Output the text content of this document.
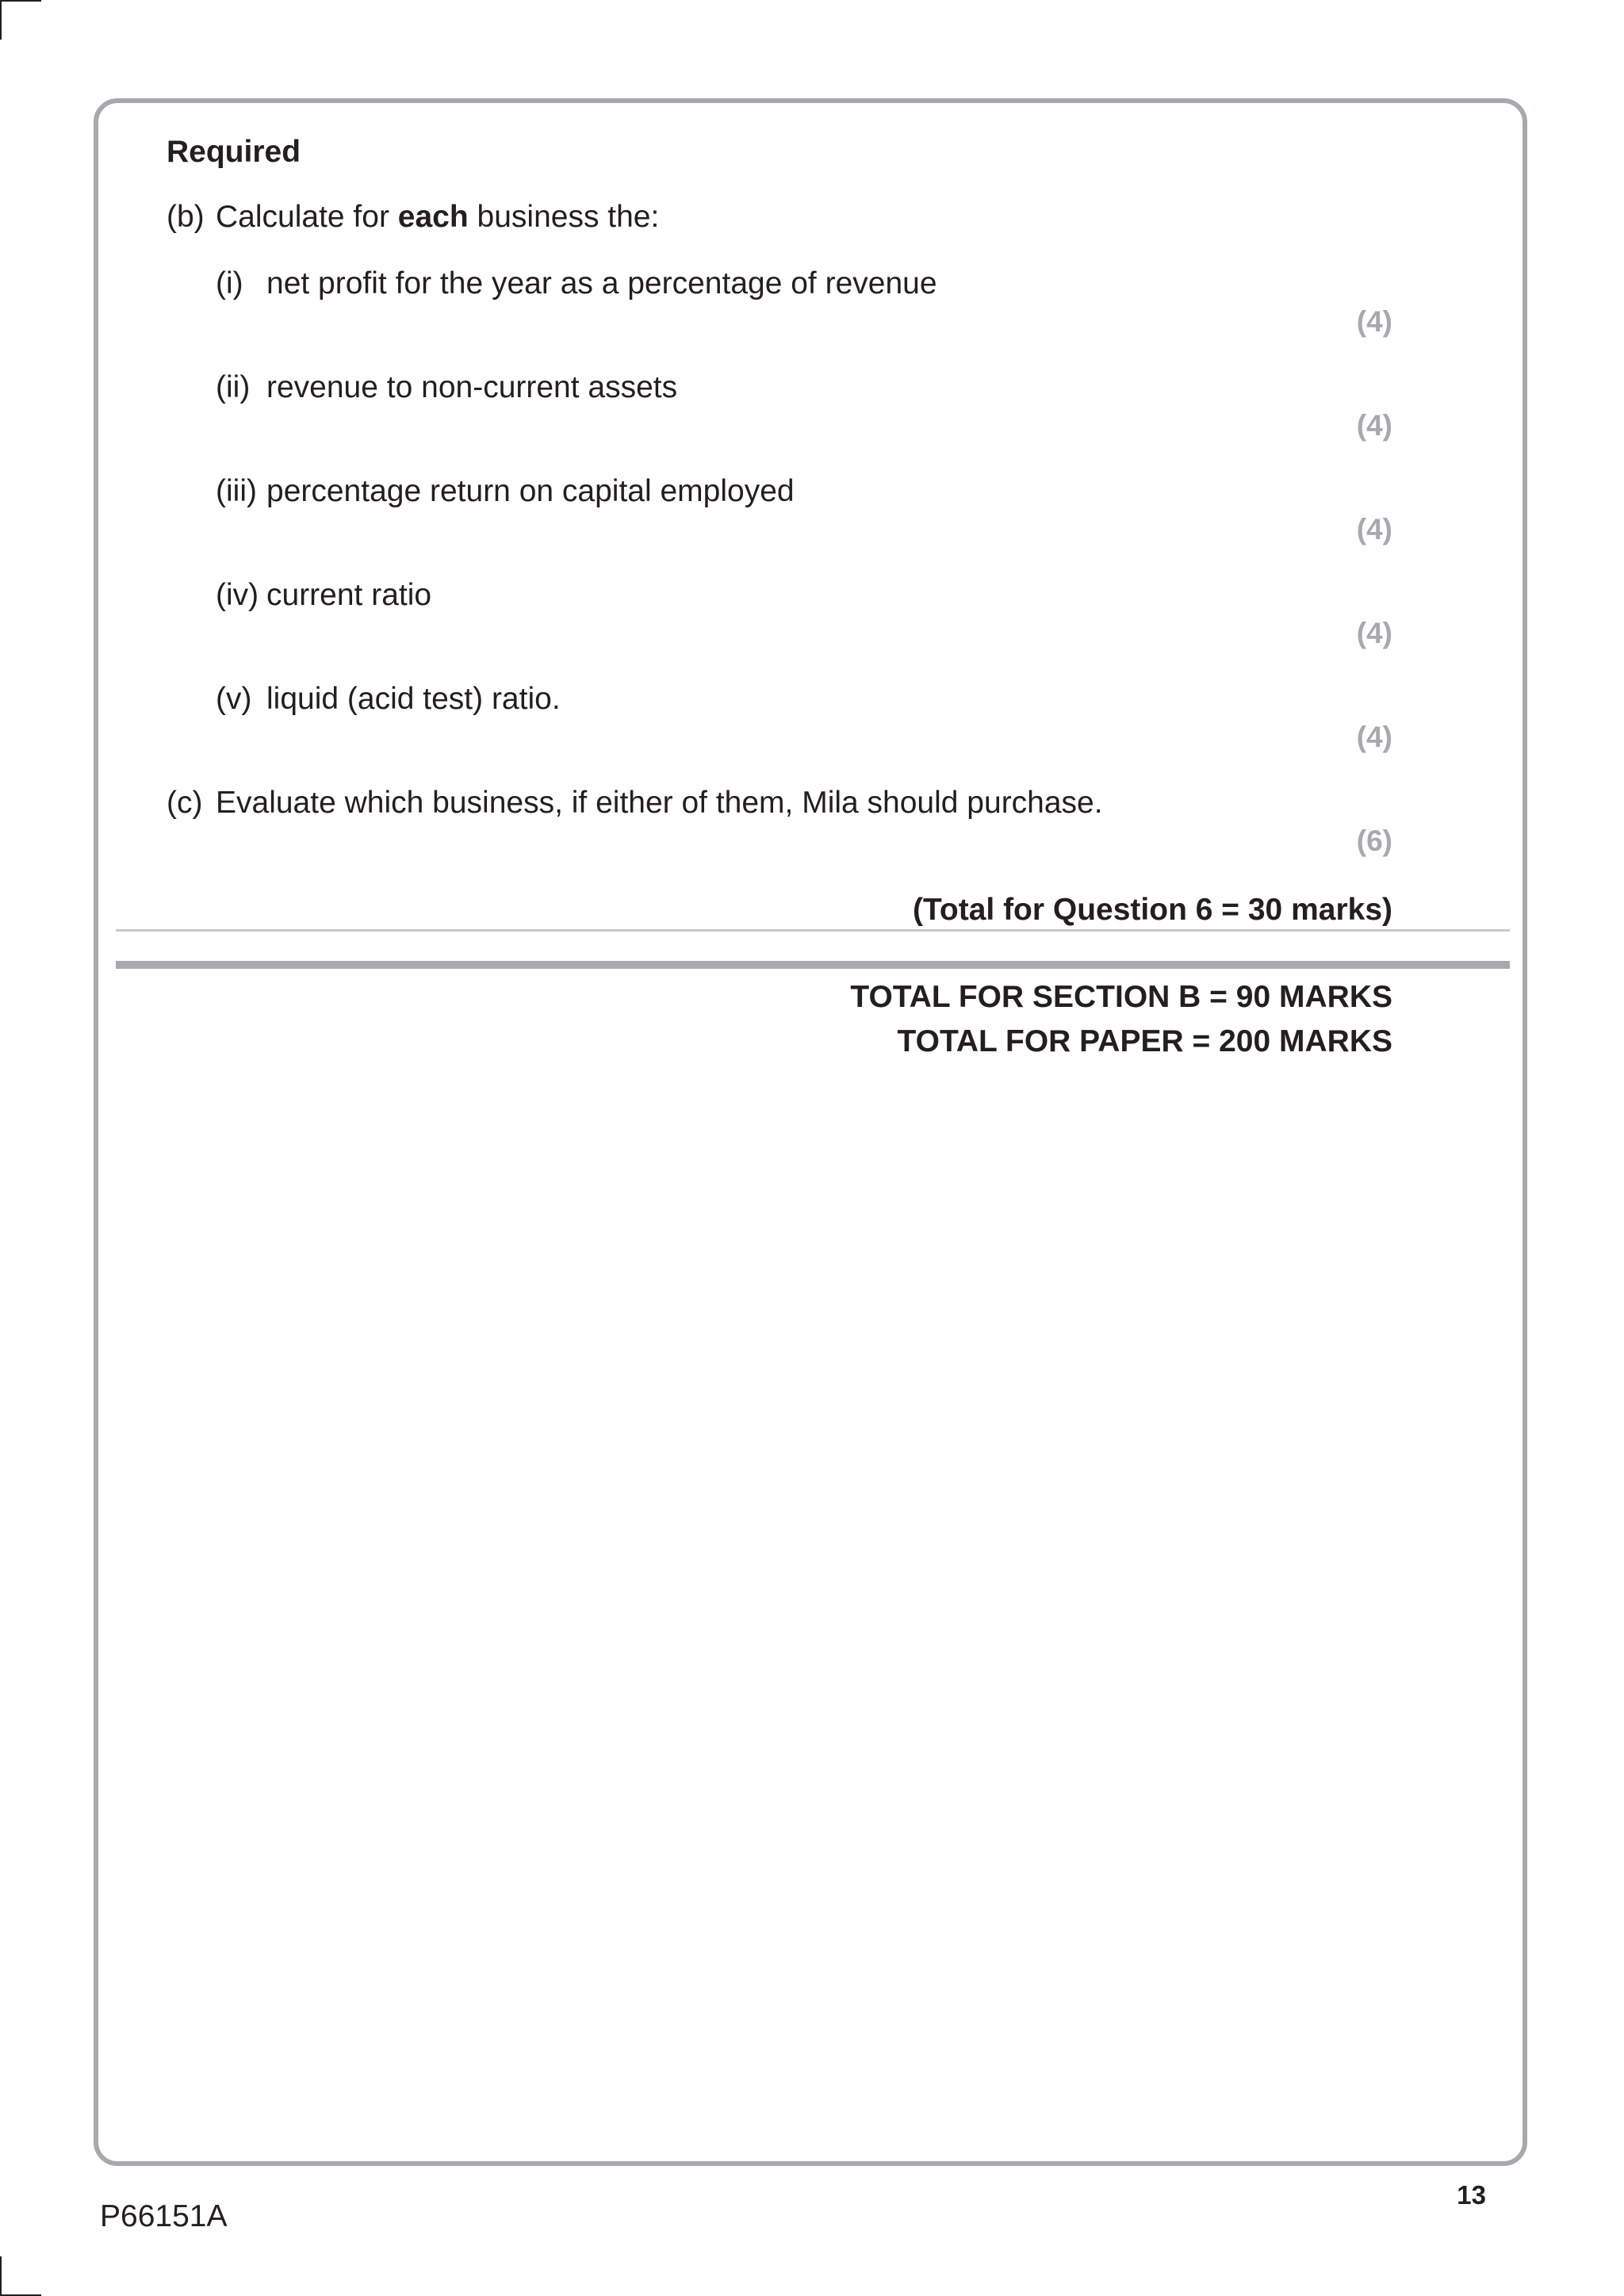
Required
(b) Calculate for each business the:
(i) net profit for the year as a percentage of revenue
(4)
(ii) revenue to non-current assets
(4)
(iii) percentage return on capital employed
(4)
(iv) current ratio
(4)
(v) liquid (acid test) ratio.
(4)
(c) Evaluate which business, if either of them, Mila should purchase.
(6)
(Total for Question 6 = 30 marks)
TOTAL FOR SECTION B = 90 MARKS
TOTAL FOR PAPER = 200 MARKS
P66151A
13
